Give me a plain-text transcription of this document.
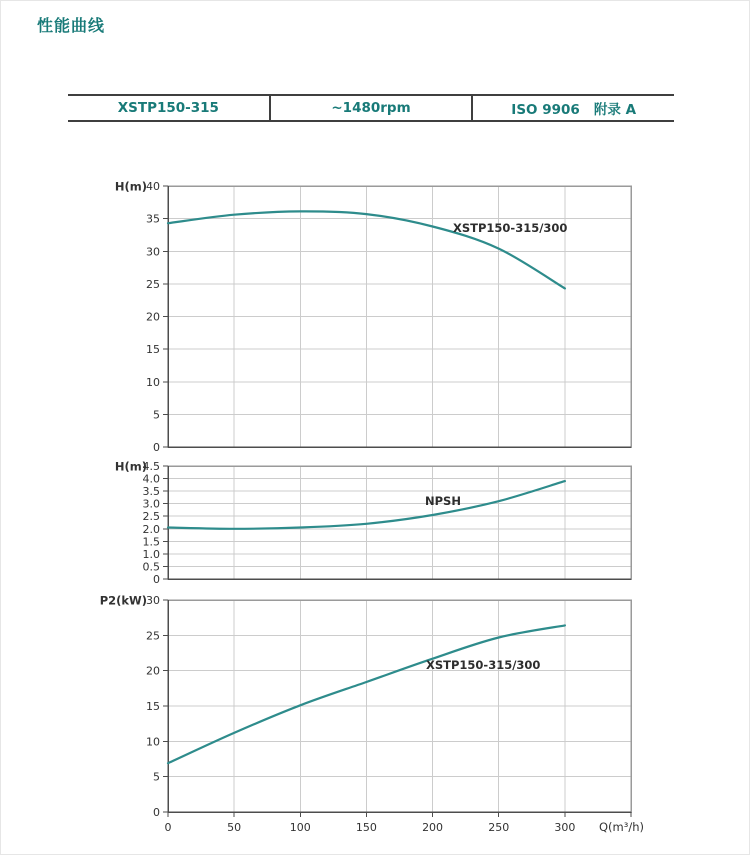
性能曲线
XSTP150-315	~1480rpm	ISO 9906   附录 A
0
5
10
15
20
25
30
35
40
H(m)
XSTP150-315/300
0
0.5
1.0
1.5
2.0
2.5
3.0
3.5
4.0
4.5
H(m)
NPSH
0
5
10
15
20
25
30
P2(kW)
XSTP150-315/300
0	50	100	150	200	250	300 Q(m³/h)
